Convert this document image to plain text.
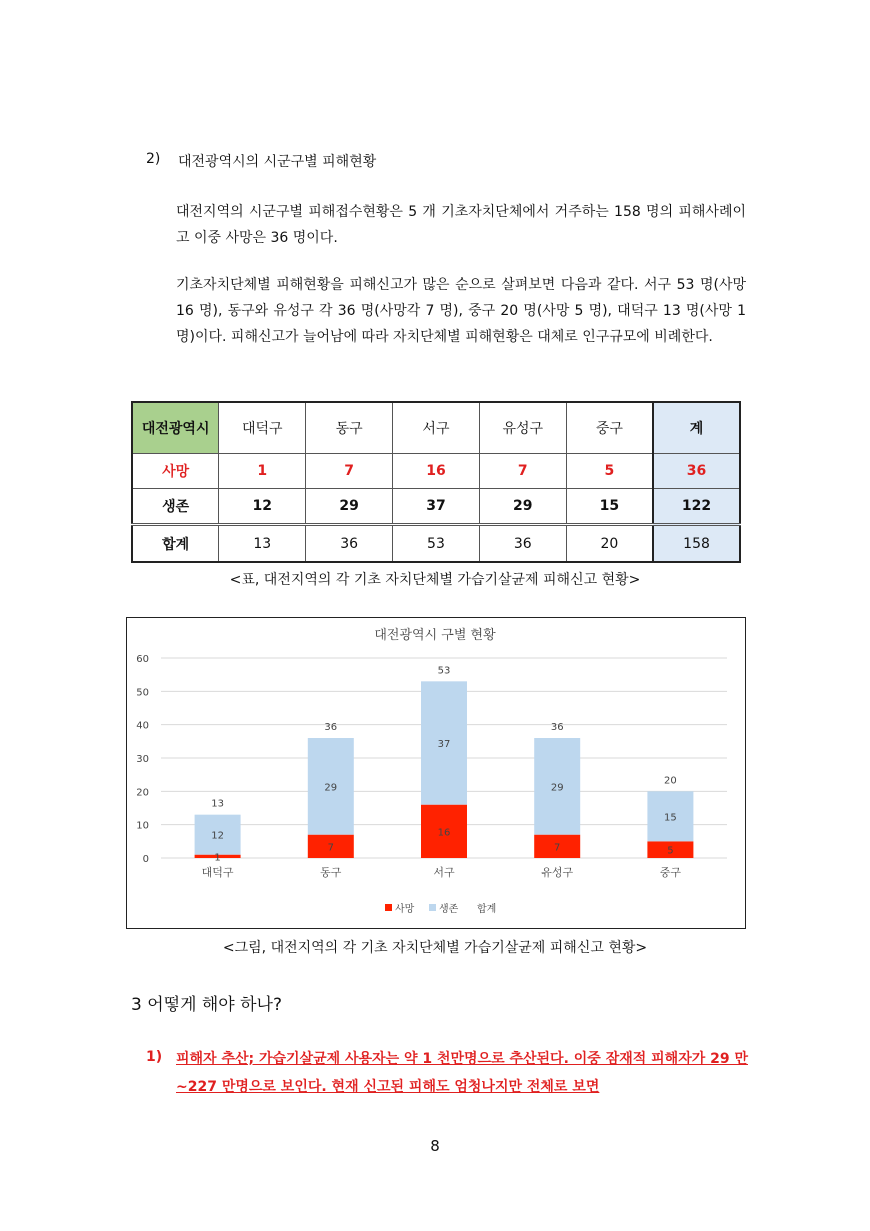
2) 대전광역시의 시군구별 피해현황
대전지역의 시군구별 피해접수현황은 5 개 기초자치단체에서 거주하는 158 명의 피해사례이고 이중 사망은 36 명이다.
기초자치단체별 피해현황을 피해신고가 많은 순으로 살펴보면 다음과 같다. 서구 53 명(사망 16 명), 동구와 유성구 각 36 명(사망각 7 명), 중구 20 명(사망 5 명), 대덕구 13 명(사망 1 명)이다. 피해신고가 늘어남에 따라 자치단체별 피해현황은 대체로 인구규모에 비례한다.
대전광역시	대덕구	동구	서구	유성구	중구	계
사망	1	7	16	7	5	36
생존	12	29	37	29	15	122
합계	13	36	53	36	20	158
<표, 대전지역의 각 기초 자치단체별 가습기살균제 피해신고 현황>
대전광역시 구별 현황
0
10
20
30
40
50
60
1
12
13
대덕구
7
29
36
동구
16
37
53
서구
7
29
36
유성구
5
15
20
중구
사망 생존 합계
<그림, 대전지역의 각 기초 자치단체별 가습기살균제 피해신고 현황>
3 어떻게 해야 하나?
1) 피해자 추산; 가습기살균제 사용자는 약 1 천만명으로 추산된다. 이중 잠재적 피해자가 29 만~227 만명으로 보인다. 현재 신고된 피해도 엄청나지만 전체로 보면
8
